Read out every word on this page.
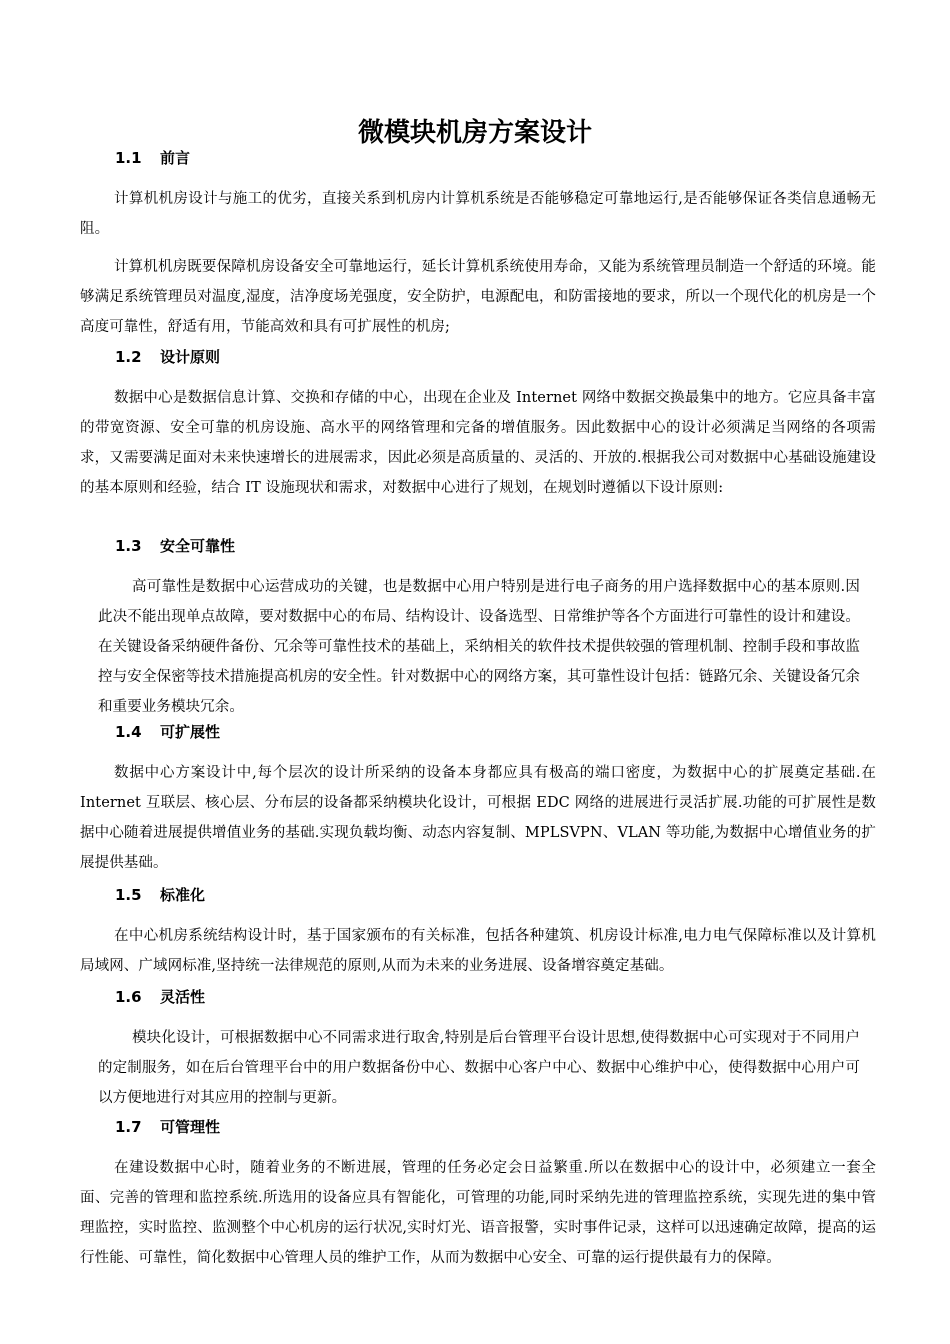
微模块机房方案设计
1.1 前言

计算机机房设计与施工的优劣，直接关系到机房内计算机系统是否能够稳定可靠地运行,是否能够保证各类信息通畅无阻。

计算机机房既要保障机房设备安全可靠地运行，延长计算机系统使用寿命，又能为系统管理员制造一个舒适的环境。能够满足系统管理员对温度,湿度，洁净度场羌强度，安全防护，电源配电，和防雷接地的要求，所以一个现代化的机房是一个高度可靠性，舒适有用，节能高效和具有可扩展性的机房;

1.2 设计原则

数据中心是数据信息计算、交换和存储的中心，出现在企业及 Internet 网络中数据交换最集中的地方。它应具备丰富的带宽资源、安全可靠的机房设施、高水平的网络管理和完备的增值服务。因此数据中心的设计必须满足当网络的各项需求，又需要满足面对未来快速增长的进展需求，因此必须是高质量的、灵活的、开放的.根据我公司对数据中心基础设施建设的基本原则和经验，结合 IT 设施现状和需求，对数据中心进行了规划，在规划时遵循以下设计原则:

1.3 安全可靠性

高可靠性是数据中心运营成功的关键，也是数据中心用户特别是进行电子商务的用户选择数据中心的基本原则.因此决不能出现单点故障，要对数据中心的布局、结构设计、设备选型、日常维护等各个方面进行可靠性的设计和建设。在关键设备采纳硬件备份、冗余等可靠性技术的基础上，采纳相关的软件技术提供较强的管理机制、控制手段和事故监控与安全保密等技术措施提高机房的安全性。针对数据中心的网络方案，其可靠性设计包括：链路冗余、关键设备冗余和重要业务模块冗余。

1.4 可扩展性

数据中心方案设计中,每个层次的设计所采纳的设备本身都应具有极高的端口密度，为数据中心的扩展奠定基础.在 Internet 互联层、核心层、分布层的设备都采纳模块化设计，可根据 EDC 网络的进展进行灵活扩展.功能的可扩展性是数据中心随着进展提供增值业务的基础.实现负载均衡、动态内容复制、MPLSVPN、VLAN 等功能,为数据中心增值业务的扩展提供基础。

1.5 标准化

在中心机房系统结构设计时，基于国家颁布的有关标准，包括各种建筑、机房设计标准,电力电气保障标准以及计算机局域网、广域网标准,坚持统一法律规范的原则,从而为未来的业务进展、设备增容奠定基础。

1.6 灵活性

模块化设计，可根据数据中心不同需求进行取舍,特别是后台管理平台设计思想,使得数据中心可实现对于不同用户的定制服务，如在后台管理平台中的用户数据备份中心、数据中心客户中心、数据中心维护中心，使得数据中心用户可以方便地进行对其应用的控制与更新。

1.7 可管理性

在建设数据中心时，随着业务的不断进展，管理的任务必定会日益繁重.所以在数据中心的设计中，必须建立一套全面、完善的管理和监控系统.所选用的设备应具有智能化，可管理的功能,同时采纳先进的管理监控系统，实现先进的集中管理监控，实时监控、监测整个中心机房的运行状况,实时灯光、语音报警，实时事件记录，这样可以迅速确定故障，提高的运行性能、可靠性，简化数据中心管理人员的维护工作，从而为数据中心安全、可靠的运行提供最有力的保障。
